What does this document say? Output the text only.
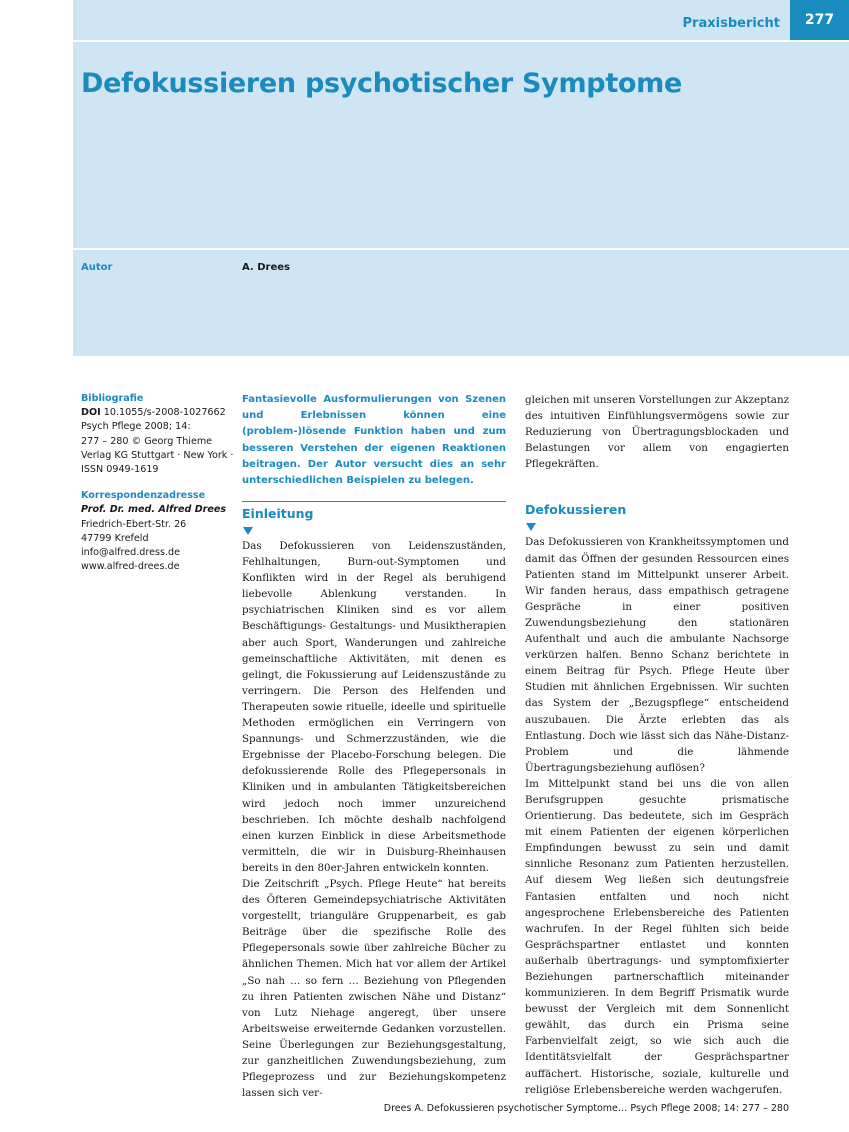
Praxisbericht	277
Defokussieren psychotischer Symptome
Autor	A. Drees
Bibliografie
DOI 10.1055/s-2008-1027662
Psych Pflege 2008; 14:
277 – 280 © Georg Thieme
Verlag KG Stuttgart · New York ·
ISSN 0949-1619
Korrespondenzadresse
Prof. Dr. med. Alfred Drees
Friedrich-Ebert-Str. 26
47799 Krefeld
info@alfred.dress.de
www.alfred-drees.de

Fantasievolle Ausformulierungen von Szenen und Erlebnissen können eine (problem-)lösende Funktion haben und zum besseren Verstehen der eigenen Reaktionen beitragen. Der Autor versucht dies an sehr unterschiedlichen Beispielen zu belegen.

Einleitung

Das Defokussieren von Leidenszuständen, Fehlhaltungen, Burn-out-Symptomen und Konflikten wird in der Regel als beruhigend liebevolle Ablenkung verstanden. In psychiatrischen Kliniken sind es vor allem Beschäftigungs- Gestaltungs- und Musiktherapien aber auch Sport, Wanderungen und zahlreiche gemeinschaftliche Aktivitäten, mit denen es gelingt, die Fokussierung auf Leidenszustände zu verringern. Die Person des Helfenden und Therapeuten sowie rituelle, ideelle und spirituelle Methoden ermöglichen ein Verringern von Spannungs- und Schmerzzuständen, wie die Ergebnisse der Placebo-Forschung belegen. Die defokussierende Rolle des Pflegepersonals in Kliniken und in ambulanten Tätigkeitsbereichen wird jedoch noch immer unzureichend beschrieben. Ich möchte deshalb nachfolgend einen kurzen Einblick in diese Arbeitsmethode vermitteln, die wir in Duisburg-Rheinhausen bereits in den 80er-Jahren entwickeln konnten.

Die Zeitschrift „Psych. Pflege Heute“ hat bereits des Öfteren Gemeindepsychiatrische Aktivitäten vorgestellt, trianguläre Gruppenarbeit, es gab Beiträge über die spezifische Rolle des Pflegepersonals sowie über zahlreiche Bücher zu ähnlichen Themen. Mich hat vor allem der Artikel „So nah … so fern … Beziehung von Pflegenden zu ihren Patienten zwischen Nähe und Distanz“ von Lutz Niehage angeregt, über unsere Arbeitsweise erweiternde Gedanken vorzustellen. Seine Überlegungen zur Beziehungsgestaltung, zur ganzheitlichen Zuwendungsbeziehung, zum Pflegeprozess und zur Beziehungskompetenz lassen sich ver-

gleichen mit unseren Vorstellungen zur Akzeptanz des intuitiven Einfühlungsvermögens sowie zur Reduzierung von Übertragungsblockaden und Belastungen vor allem von engagierten Pflegekräften.

Defokussieren

Das Defokussieren von Krankheitssymptomen und damit das Öffnen der gesunden Ressourcen eines Patienten stand im Mittelpunkt unserer Arbeit. Wir fanden heraus, dass empathisch getragene Gespräche in einer positiven Zuwendungsbeziehung den stationären Aufenthalt und auch die ambulante Nachsorge verkürzen halfen. Benno Schanz berichtete in einem Beitrag für Psych. Pflege Heute über Studien mit ähnlichen Ergebnissen. Wir suchten das System der „Bezugspflege“ entscheidend auszubauen. Die Ärzte erlebten das als Entlastung. Doch wie lässt sich das Nähe-Distanz-Problem und die lähmende Übertragungsbeziehung auflösen?

Im Mittelpunkt stand bei uns die von allen Berufsgruppen gesuchte prismatische Orientierung. Das bedeutete, sich im Gespräch mit einem Patienten der eigenen körperlichen Empfindungen bewusst zu sein und damit sinnliche Resonanz zum Patienten herzustellen. Auf diesem Weg ließen sich deutungsfreie Fantasien entfalten und noch nicht angesprochene Erlebensbereiche des Patienten wachrufen. In der Regel fühlten sich beide Gesprächspartner entlastet und konnten außerhalb übertragungs- und symptomfixierter Beziehungen partnerschaftlich miteinander kommunizieren. In dem Begriff Prismatik wurde bewusst der Vergleich mit dem Sonnenlicht gewählt, das durch ein Prisma seine Farbenvielfalt zeigt, so wie sich auch die Identitätsvielfalt der Gesprächspartner auffächert. Historische, soziale, kulturelle und religiöse Erlebensbereiche werden wachgerufen.

Drees A. Defokussieren psychotischer Symptome… Psych Pflege 2008; 14: 277 – 280
